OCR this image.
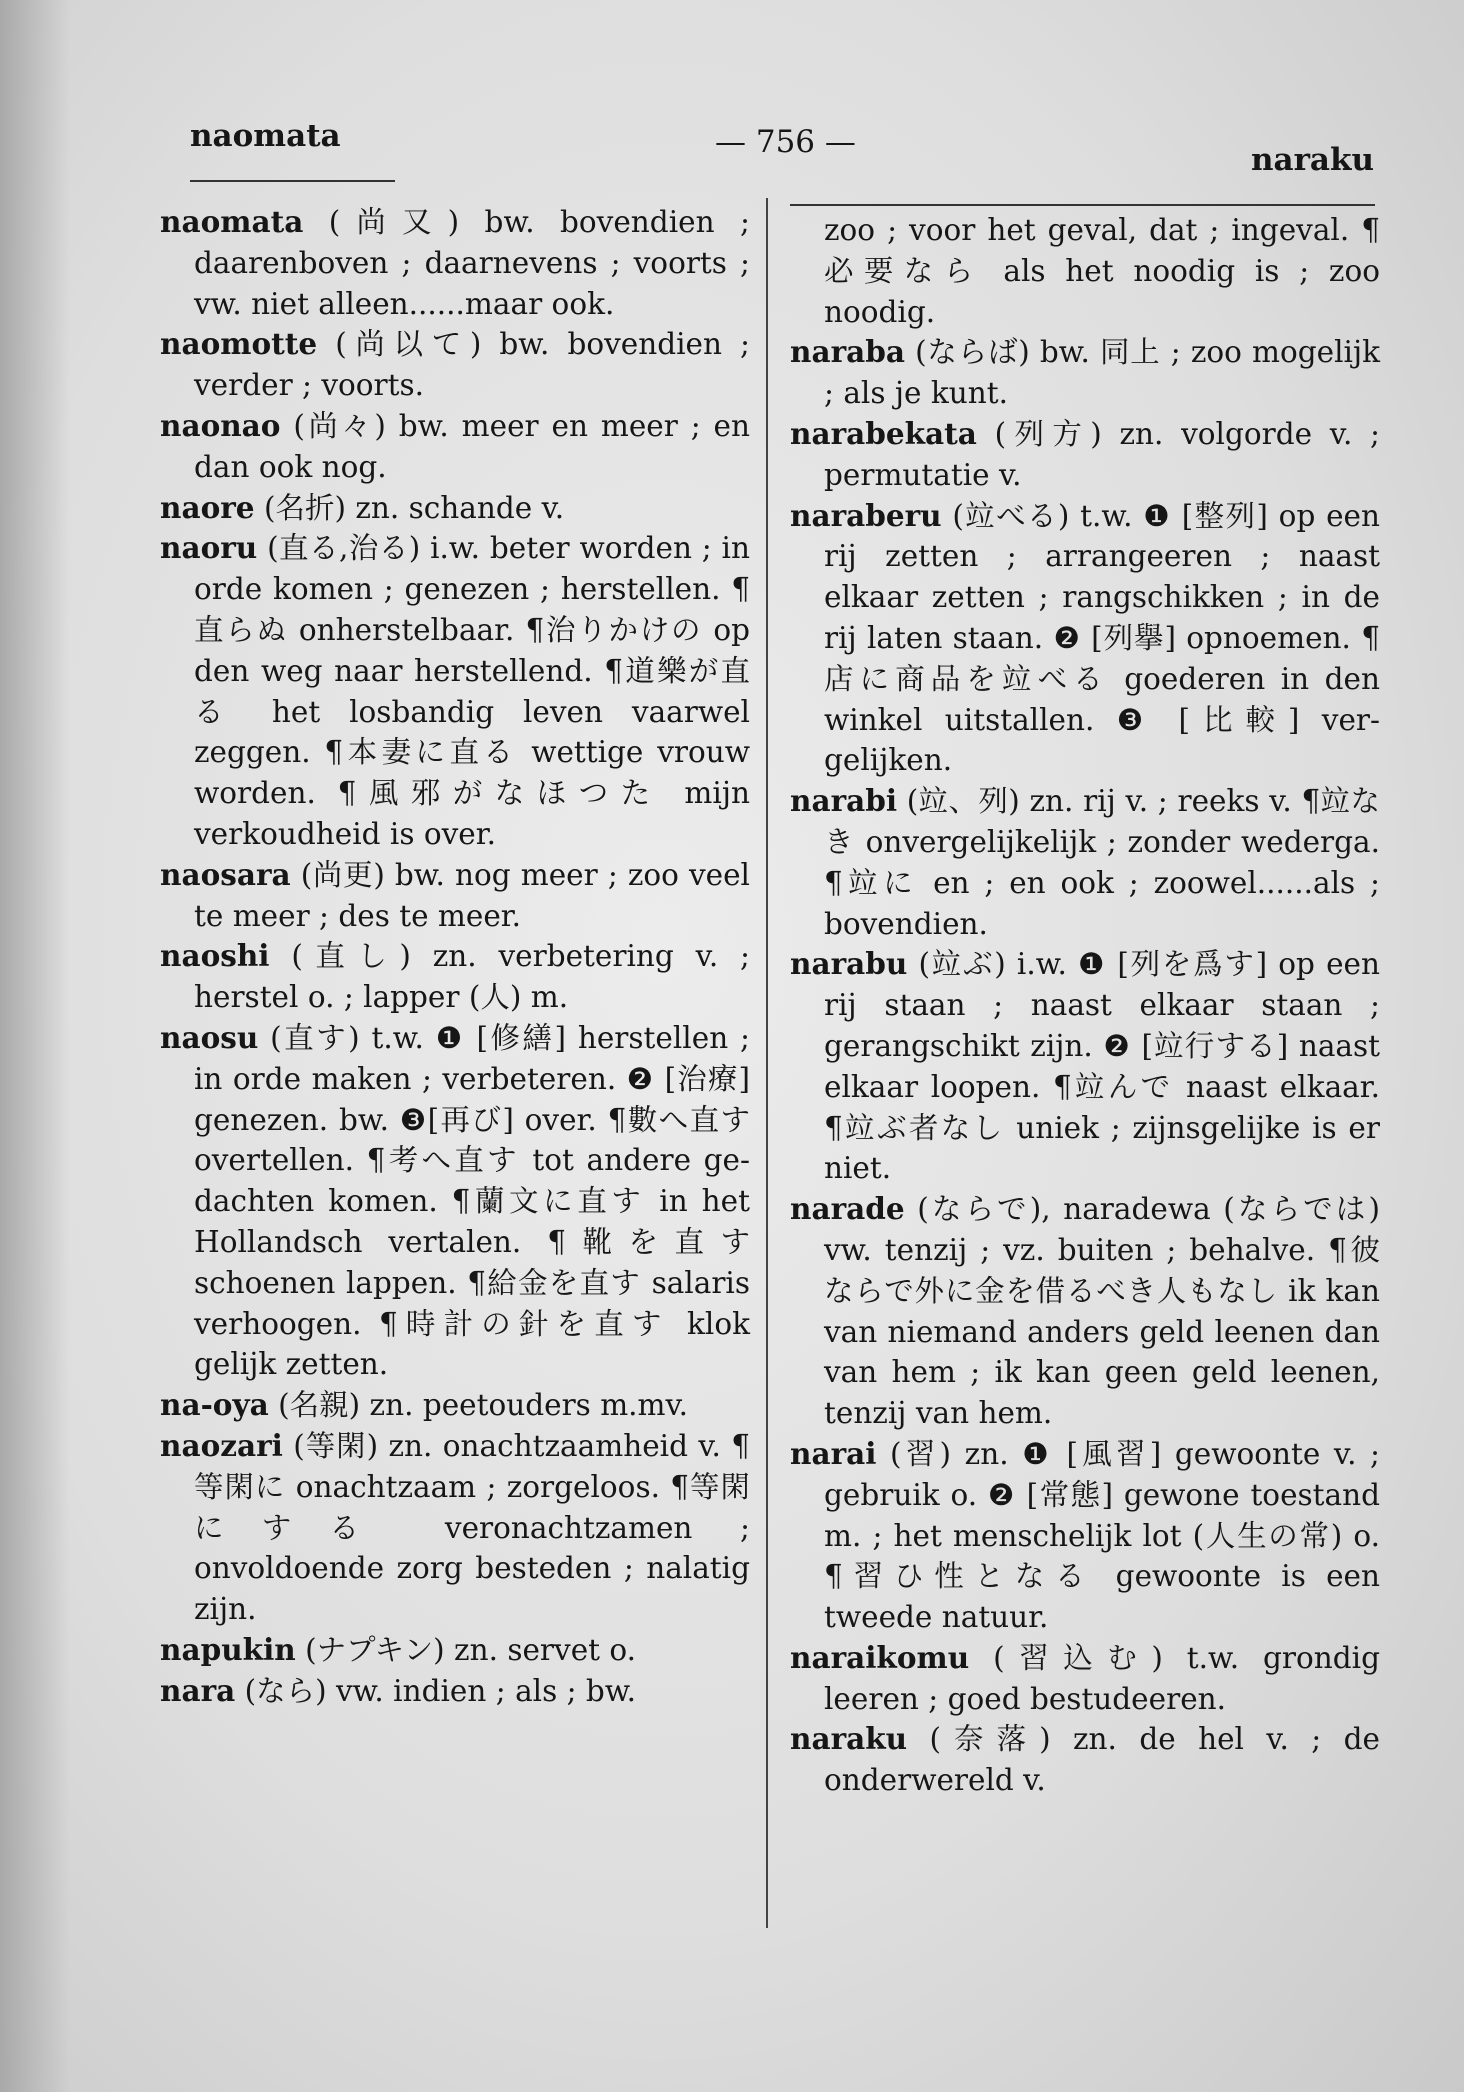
naomata	— 756 —	naraku

naomata (尚又) bw. bovendien ; daarenboven ; daarnevens ; voorts ; vw. niet alleen......maar ook.

naomotte (尚以て) bw. bovendien ; verder ; voorts.

naonao (尚々) bw. meer en meer ; en dan ook nog.

naore (名折) zn. schande v.

naoru (直る,治る) i.w. beter worden ; in orde komen ; genezen ; herstellen. ¶直らぬ onherstelbaar. ¶治りかけの op den weg naar herstellend. ¶道樂が直る het losbandig leven vaarwel zeggen. ¶本妻に直る wettige vrouw worden. ¶風邪がなほつた mijn verkoudheid is over.

naosara (尚更) bw. nog meer ; zoo veel te meer ; des te meer.

naoshi (直し) zn. verbetering v. ; herstel o. ; lapper (人) m.

naosu (直す) t.w. ❶ [修繕] herstellen ; in orde maken ; verbeteren. ❷ [治療] genezen. bw. ❸[再び] over. ¶數へ直す overtellen. ¶考へ直す tot andere gedachten komen. ¶蘭文に直す in het Hollandsch vertalen. ¶靴を直す schoenen lappen. ¶給金を直す salaris verhoogen. ¶時計の針を直す klok gelijk zetten.

na-oya (名親) zn. peetouders m.mv.

naozari (等閑) zn. onachtzaamheid v. ¶等閑に onachtzaam ; zorgeloos. ¶等閑にする veronachtzamen ; onvoldoende zorg besteden ; nalatig zijn.

napukin (ナプキン) zn. servet o.

nara (なら) vw. indien ; als ; bw.

zoo ; voor het geval, dat ; ingeval. ¶必要なら als het noodig is ; zoo noodig.

naraba (ならば) bw. 同上 ; zoo mogelijk ; als je kunt.

narabekata (列方) zn. volgorde v. ; permutatie v.

naraberu (竝べる) t.w. ❶ [整列] op een rij zetten ; arrangeeren ; naast elkaar zetten ; rangschikken ; in de rij laten staan. ❷ [列擧] opnoemen. ¶店に商品を竝べる goederen in den winkel uitstallen. ❸ [比較] vergelijken.

narabi (竝、列) zn. rij v. ; reeks v. ¶竝なき onvergelijkelijk ; zonder wederga. ¶竝に en ; en ook ; zoowel......als ; bovendien.

narabu (竝ぶ) i.w. ❶ [列を爲す] op een rij staan ; naast elkaar staan ; gerangschikt zijn. ❷ [竝行する] naast elkaar loopen. ¶竝んで naast elkaar. ¶竝ぶ者なし uniek ; zijnsgelijke is er niet.

narade (ならで), naradewa (ならでは) vw. tenzij ; vz. buiten ; behalve. ¶彼ならで外に金を借るべき人もなし ik kan van niemand anders geld leenen dan van hem ; ik kan geen geld leenen, tenzij van hem.

narai (習) zn. ❶ [風習] gewoonte v. ; gebruik o. ❷ [常態] gewone toestand m. ; het menschelijk lot (人生の常) o. ¶習ひ性となる gewoonte is een tweede natuur.

naraikomu (習込む) t.w. grondig leeren ; goed bestudeeren.

naraku (奈落) zn. de hel v. ; de onderwereld v.
